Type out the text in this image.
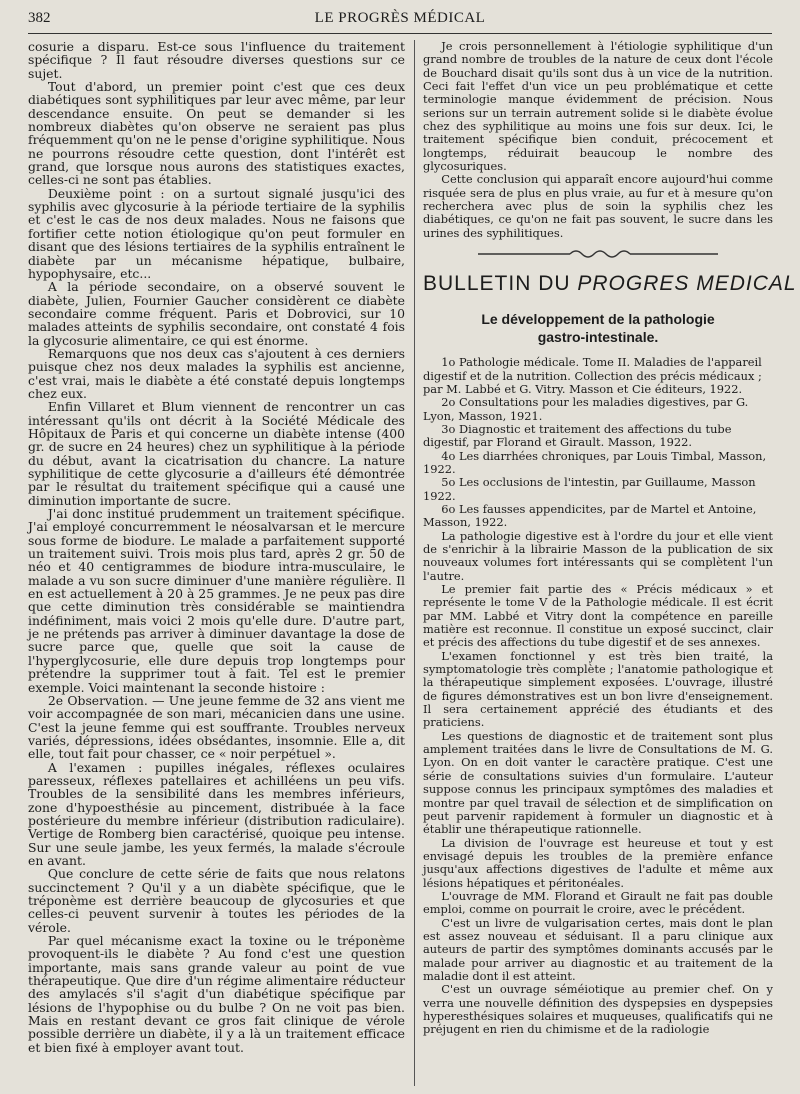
382	LE PROGRÈS MÉDICAL

cosurie a disparu. Est-ce sous l'influence du traitement spécifique ? Il faut résoudre diverses questions sur ce sujet.

Tout d'abord, un premier point c'est que ces deux diabétiques sont syphilitiques par leur avec même, par leur descendance ensuite. On peut se demander si les nombreux diabètes qu'on observe ne seraient pas plus fréquemment qu'on ne le pense d'origine syphilitique. Nous ne pourrons résoudre cette question, dont l'intérêt est grand, que lorsque nous aurons des statistiques exactes, celles-ci ne sont pas établies.

Deuxième point : on a surtout signalé jusqu'ici des syphilis avec glycosurie à la période tertiaire de la syphilis et c'est le cas de nos deux malades. Nous ne faisons que fortifier cette notion étiologique qu'on peut formuler en disant que des lésions tertiaires de la syphilis entraînent le diabète par un mécanisme hépatique, bulbaire, hypophysaire, etc...

A la période secondaire, on a observé souvent le diabète, Julien, Fournier Gaucher considèrent ce diabète secondaire comme fréquent. Paris et Dobrovici, sur 10 malades atteints de syphilis secondaire, ont constaté 4 fois la glycosurie alimentaire, ce qui est énorme.

Remarquons que nos deux cas s'ajoutent à ces derniers puisque chez nos deux malades la syphilis est ancienne, c'est vrai, mais le diabète a été constaté depuis longtemps chez eux.

Enfin Villaret et Blum viennent de rencontrer un cas intéressant qu'ils ont décrit à la Société Médicale des Hôpitaux de Paris et qui concerne un diabète intense (400 gr. de sucre en 24 heures) chez un syphilitique à la période du début, avant la cicatrisation du chancre. La nature syphilitique de cette glycosurie a d'ailleurs été démontrée par le résultat du traitement spécifique qui a causé une diminution importante de sucre.

J'ai donc institué prudemment un traitement spécifique. J'ai employé concurremment le néosalvarsan et le mercure sous forme de biodure. Le malade a parfaitement supporté un traitement suivi. Trois mois plus tard, après 2 gr. 50 de néo et 40 centigrammes de biodure intra-musculaire, le malade a vu son sucre diminuer d'une manière régulière. Il en est actuellement à 20 à 25 grammes. Je ne peux pas dire que cette diminution très considérable se maintiendra indéfiniment, mais voici 2 mois qu'elle dure. D'autre part, je ne prétends pas arriver à diminuer davantage la dose de sucre parce que, quelle que soit la cause de l'hyperglycosurie, elle dure depuis trop longtemps pour prétendre la supprimer tout à fait. Tel est le premier exemple. Voici maintenant la seconde histoire :

2e Observation. — Une jeune femme de 32 ans vient me voir accompagnée de son mari, mécanicien dans une usine. C'est la jeune femme qui est souffrante. Troubles nerveux variés, dépressions, idées obsédantes, insomnie. Elle a, dit elle, tout fait pour chasser, ce « noir perpétuel ».

A l'examen : pupilles inégales, réflexes oculaires paresseux, réflexes patellaires et achilléens un peu vifs. Troubles de la sensibilité dans les membres inférieurs, zone d'hypoesthésie au pincement, distribuée à la face postérieure du membre inférieur (distribution radiculaire). Vertige de Romberg bien caractérisé, quoique peu intense. Sur une seule jambe, les yeux fermés, la malade s'écroule en avant.

Que conclure de cette série de faits que nous relatons succinctement ? Qu'il y a un diabète spécifique, que le tréponème est derrière beaucoup de glycosuries et que celles-ci peuvent survenir à toutes les périodes de la vérole.

Par quel mécanisme exact la toxine ou le tréponème provoquent-ils le diabète ? Au fond c'est une question importante, mais sans grande valeur au point de vue thérapeutique. Que dire d'un régime alimentaire réducteur des amylacés s'il s'agit d'un diabétique spécifique par lésions de l'hypophise ou du bulbe ? On ne voit pas bien. Mais en restant devant ce gros fait clinique de vérole possible derrière un diabète, il y a là un traitement efficace et bien fixé à employer avant tout.

Je crois personnellement à l'étiologie syphilitique d'un grand nombre de troubles de la nature de ceux dont l'école de Bouchard disait qu'ils sont dus à un vice de la nutrition. Ceci fait l'effet d'un vice un peu problématique et cette terminologie manque évidemment de précision. Nous serions sur un terrain autrement solide si le diabète évolue chez des syphilitique au moins une fois sur deux. Ici, le traitement spécifique bien conduit, précocement et longtemps, réduirait beaucoup le nombre des glycosuriques.

Cette conclusion qui apparaît encore aujourd'hui comme risquée sera de plus en plus vraie, au fur et à mesure qu'on recherchera avec plus de soin la syphilis chez les diabétiques, ce qu'on ne fait pas souvent, le sucre dans les urines des syphilitiques.

BULLETIN DU PROGRES MEDICAL
Le développement de la pathologie
gastro-intestinale.

1o Pathologie médicale. Tome II. Maladies de l'appareil digestif et de la nutrition. Collection des précis médicaux ; par M. Labbé et G. Vitry. Masson et Cie éditeurs, 1922.

2o Consultations pour les maladies digestives, par G. Lyon, Masson, 1921.

3o Diagnostic et traitement des affections du tube digestif, par Florand et Girault. Masson, 1922.

4o Les diarrhées chroniques, par Louis Timbal, Masson, 1922.

5o Les occlusions de l'intestin, par Guillaume, Masson 1922.

6o Les fausses appendicites, par de Martel et Antoine, Masson, 1922.

La pathologie digestive est à l'ordre du jour et elle vient de s'enrichir à la librairie Masson de la publication de six nouveaux volumes fort intéressants qui se complètent l'un l'autre.

Le premier fait partie des « Précis médicaux » et représente le tome V de la Pathologie médicale. Il est écrit par MM. Labbé et Vitry dont la compétence en pareille matière est reconnue. Il constitue un exposé succinct, clair et précis des affections du tube digestif et de ses annexes.

L'examen fonctionnel y est très bien traité, la symptomatologie très complète ; l'anatomie pathologique et la thérapeutique simplement exposées. L'ouvrage, illustré de figures démonstratives est un bon livre d'enseignement. Il sera certainement apprécié des étudiants et des praticiens.

Les questions de diagnostic et de traitement sont plus amplement traitées dans le livre de Consultations de M. G. Lyon. On en doit vanter le caractère pratique. C'est une série de consultations suivies d'un formulaire. L'auteur suppose connus les principaux symptômes des maladies et montre par quel travail de sélection et de simplification on peut parvenir rapidement à formuler un diagnostic et à établir une thérapeutique rationnelle.

La division de l'ouvrage est heureuse et tout y est envisagé depuis les troubles de la première enfance jusqu'aux affections digestives de l'adulte et même aux lésions hépatiques et péritonéales.

L'ouvrage de MM. Florand et Girault ne fait pas double emploi, comme on pourrait le croire, avec le précédent.

C'est un livre de vulgarisation certes, mais dont le plan est assez nouveau et séduisant. Il a paru clinique aux auteurs de partir des symptômes dominants accusés par le malade pour arriver au diagnostic et au traitement de la maladie dont il est atteint.

C'est un ouvrage séméiotique au premier chef. On y verra une nouvelle définition des dyspepsies en dyspepsies hyperesthésiques solaires et muqueuses, qualificatifs qui ne préjugent en rien du chimisme et de la radiologie
